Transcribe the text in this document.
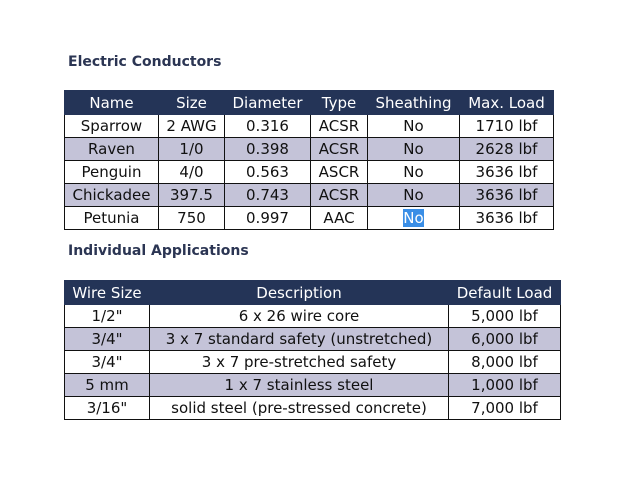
Electric Conductors
Name	Size	Diameter	Type	Sheathing	Max. Load
Sparrow	2 AWG	0.316	ACSR	No	1710 lbf
Raven	1/0	0.398	ACSR	No	2628 lbf
Penguin	4/0	0.563	ASCR	No	3636 lbf
Chickadee	397.5	0.743	ACSR	No	3636 lbf
Petunia	750	0.997	AAC	No	3636 lbf
Individual Applications
Wire Size	Description	Default Load
1/2"	6 x 26 wire core	5,000 lbf
3/4"	3 x 7 standard safety (unstretched)	6,000 lbf
3/4"	3 x 7 pre-stretched safety	8,000 lbf
5 mm	1 x 7 stainless steel	1,000 lbf
3/16"	solid steel (pre-stressed concrete)	7,000 lbf
